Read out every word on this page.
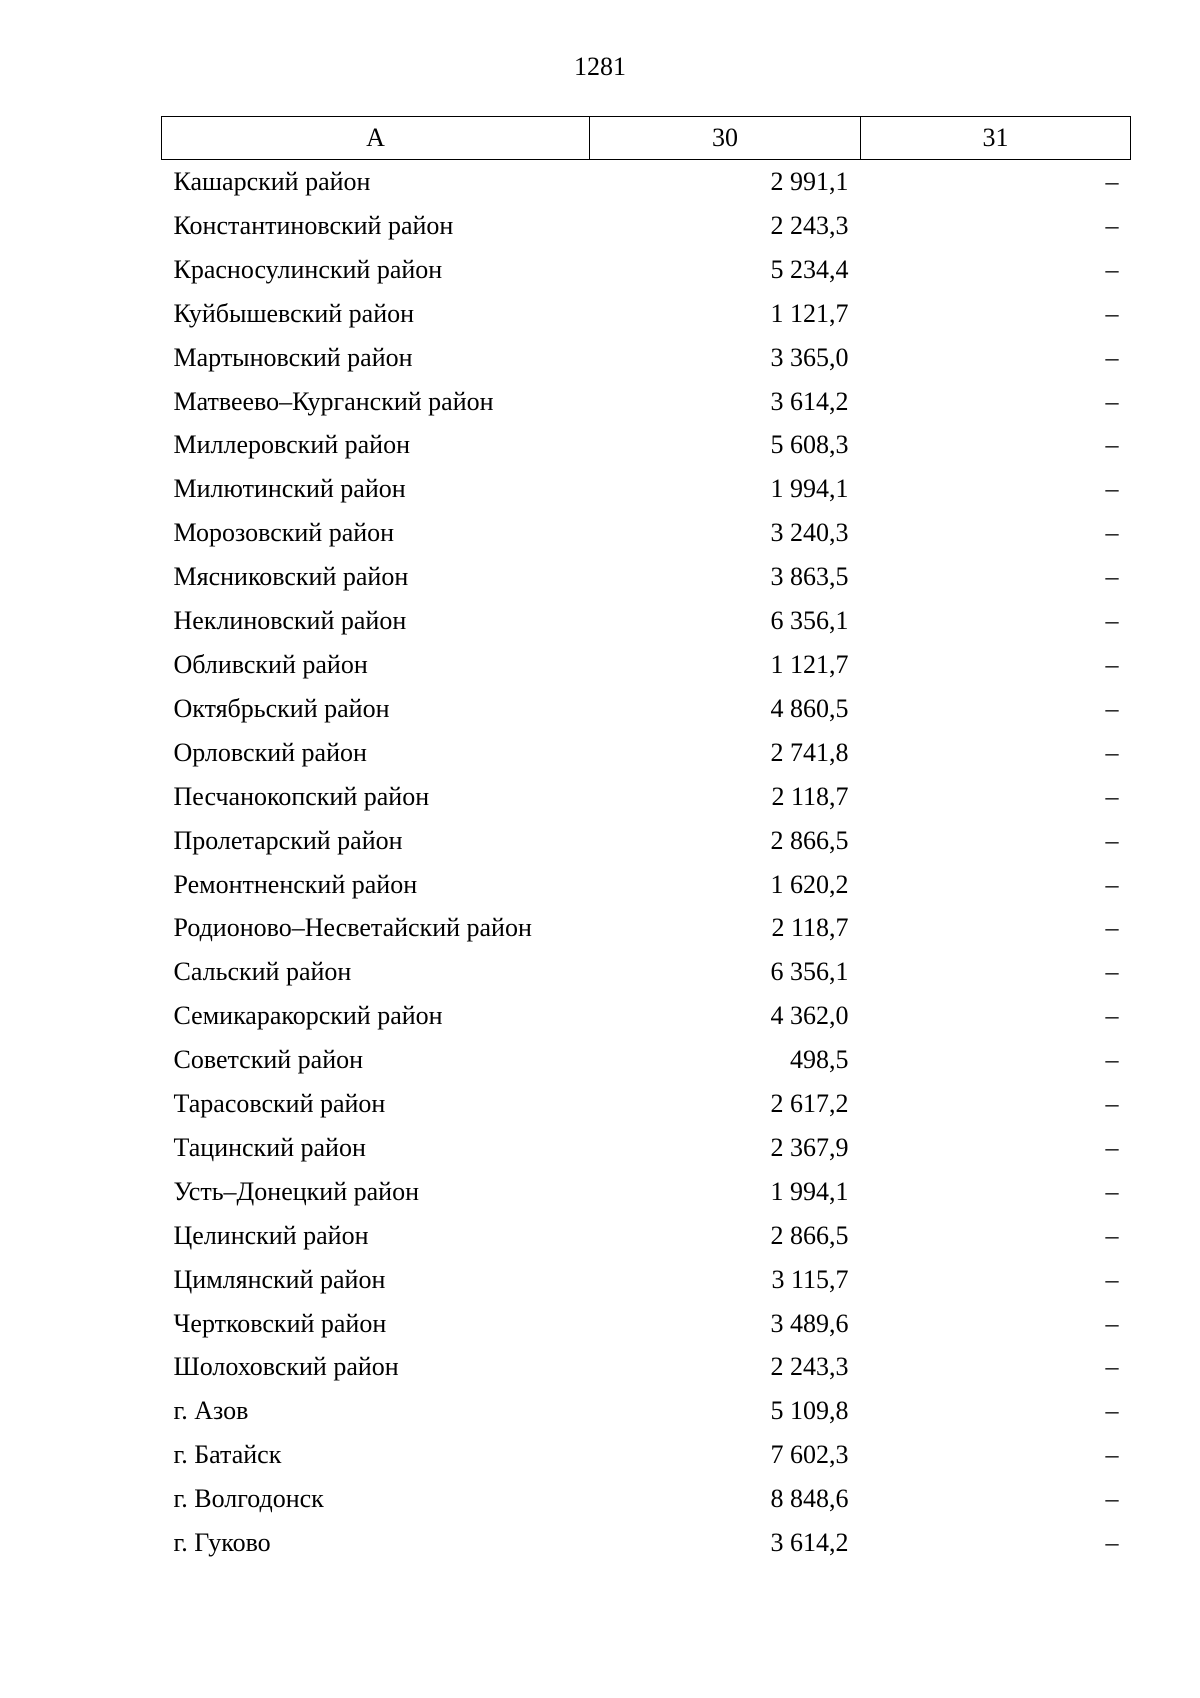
1281
А	30	31
Кашарский район	2 991,1	–
Константиновский район	2 243,3	–
Красносулинский район	5 234,4	–
Куйбышевский район	1 121,7	–
Мартыновский район	3 365,0	–
Матвеево–Курганский район	3 614,2	–
Миллеровский район	5 608,3	–
Милютинский район	1 994,1	–
Морозовский район	3 240,3	–
Мясниковский район	3 863,5	–
Неклиновский район	6 356,1	–
Обливский район	1 121,7	–
Октябрьский район	4 860,5	–
Орловский район	2 741,8	–
Песчанокопский район	2 118,7	–
Пролетарский район	2 866,5	–
Ремонтненский район	1 620,2	–
Родионово–Несветайский район	2 118,7	–
Сальский район	6 356,1	–
Семикаракорский район	4 362,0	–
Советский район	498,5	–
Тарасовский район	2 617,2	–
Тацинский район	2 367,9	–
Усть–Донецкий район	1 994,1	–
Целинский район	2 866,5	–
Цимлянский район	3 115,7	–
Чертковский район	3 489,6	–
Шолоховский район	2 243,3	–
г. Азов	5 109,8	–
г. Батайск	7 602,3	–
г. Волгодонск	8 848,6	–
г. Гуково	3 614,2	–
